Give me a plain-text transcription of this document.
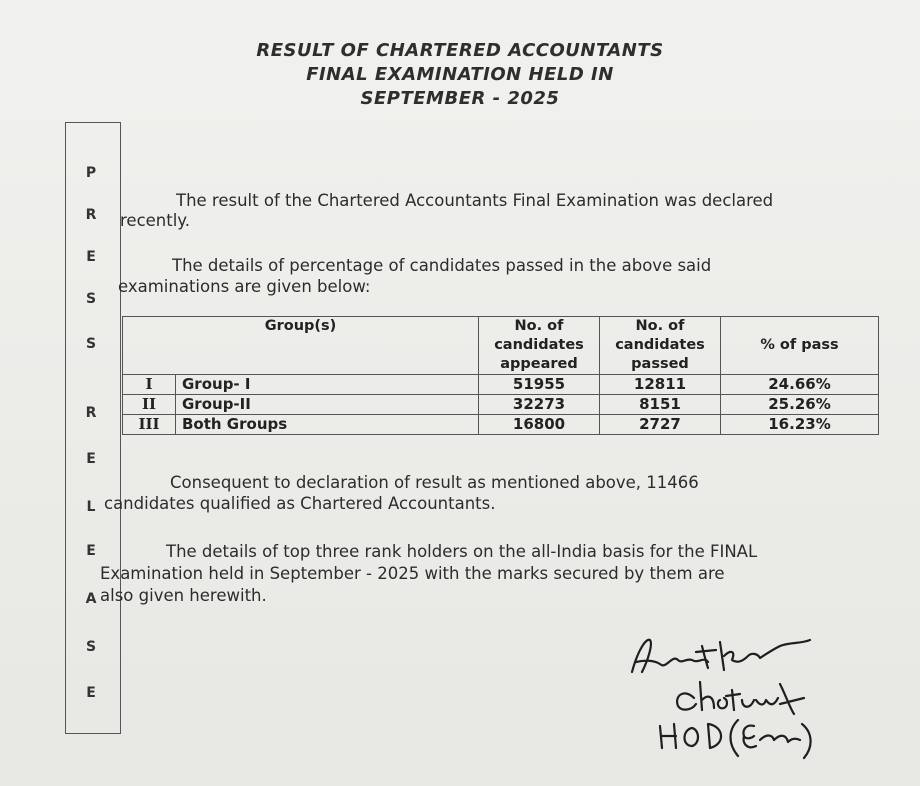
RESULT OF CHARTERED ACCOUNTANTS
FINAL EXAMINATION HELD IN
SEPTEMBER - 2025
P
R
E
S
S
R
E
L
E
A
S
E
The result of the Chartered Accountants Final Examination was declared
recently.
The details of percentage of candidates passed in the above said
examinations are given below:
Group(s)		No. of candidates appeared	No. of candidates passed	% of pass
I	Group- I	51955	12811	24.66%
II	Group-II	32273	8151	25.26%
III	Both Groups	16800	2727	16.23%
Consequent to declaration of result as mentioned above, 11466
candidates qualified as Chartered Accountants.
The details of top three rank holders on the all-India basis for the FINAL
Examination held in September - 2025 with the marks secured by them are
also given herewith.
